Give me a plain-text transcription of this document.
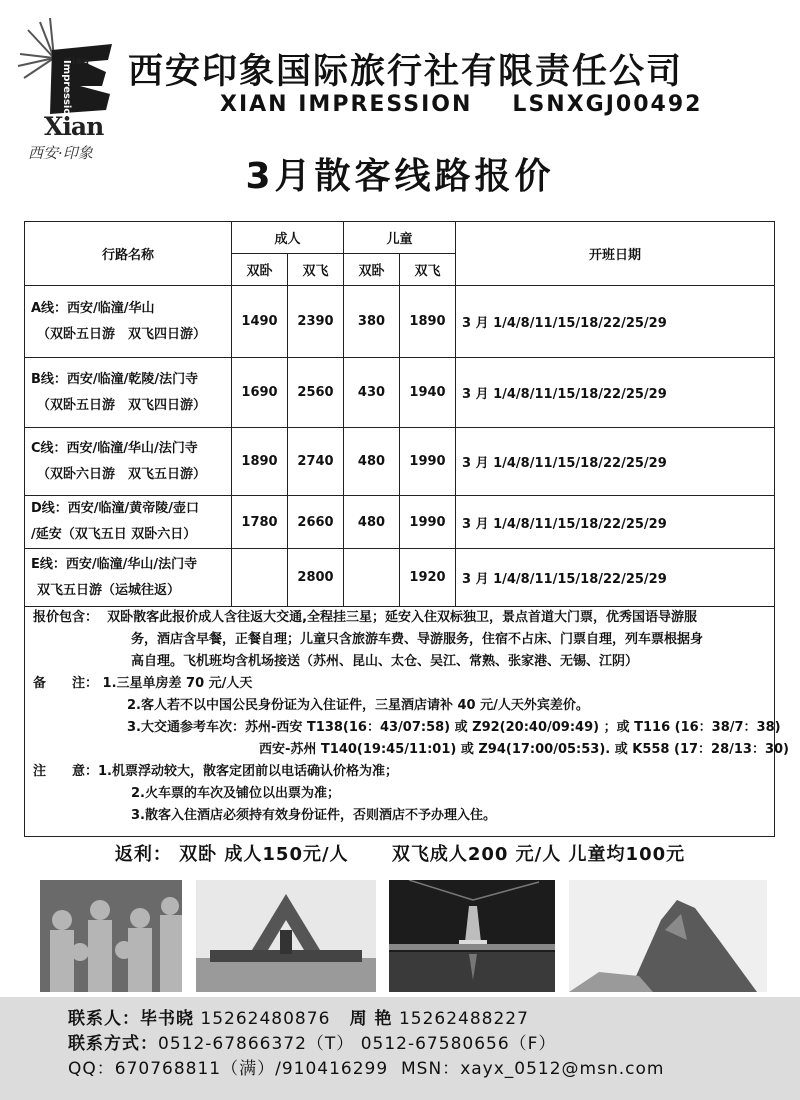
Xian
Impression
Xian
西安·印象
西安印象国际旅行社有限责任公司
XIAN IMPRESSION LSNXGJ00492
3月散客线路报价
行路名称	成人		儿童		开班日期
	双卧	双飞	双卧	双飞	

A线：西安/临潼/华山
（双卧五日游　双飞四日游）	1490	2390	380	1890	3 月 1/4/8/11/15/18/22/25/29

B线：西安/临潼/乾陵/法门寺
（双卧五日游　双飞四日游）	1690	2560	430	1940	3 月 1/4/8/11/15/18/22/25/29

C线：西安/临潼/华山/法门寺
（双卧六日游　双飞五日游）	1890	2740	480	1990	3 月 1/4/8/11/15/18/22/25/29

D线：西安/临潼/黄帝陵/壶口
/延安（双飞五日 双卧六日）	1780	2660	480	1990	3 月 1/4/8/11/15/18/22/25/29

E线：西安/临潼/华山/法门寺
双飞五日游（运城往返）		2800		1920	3 月 1/4/8/11/15/18/22/25/29

报价包含： 双卧散客此报价成人含往返大交通,全程挂三星；延安入住双标独卫，景点首道大门票，优秀国语导游服

务，酒店含早餐，正餐自理；儿童只含旅游车费、导游服务，住宿不占床、门票自理，列车票根据身

高自理。飞机班均含机场接送（苏州、昆山、太仓、吴江、常熟、张家港、无锡、江阴）

备　　注： 1.三星单房差 70 元/人天

2.客人若不以中国公民身份证为入住证件，三星酒店请补 40 元/人天外宾差价。

3.大交通参考车次：苏州-西安 T138(16：43/07:58) 或 Z92(20:40/09:49) ；或 T116 (16：38/7：38)

西安-苏州 T140(19:45/11:01) 或 Z94(17:00/05:53). 或 K558 (17：28/13：30)

注　　意：1.机票浮动较大，散客定团前以电话确认价格为准；

2.火车票的车次及铺位以出票为准；

3.散客入住酒店必须持有效身份证件，否则酒店不予办理入住。

返利： 双卧 成人150元/人 双飞成人200 元/人 儿童均100元
联系人：毕书晓 15262480876 周 艳 15262488227
联系方式：0512-67866372（T） 0512-67580656（F）
QQ：670768811（满）/910416299 MSN：xayx_0512@msn.com
